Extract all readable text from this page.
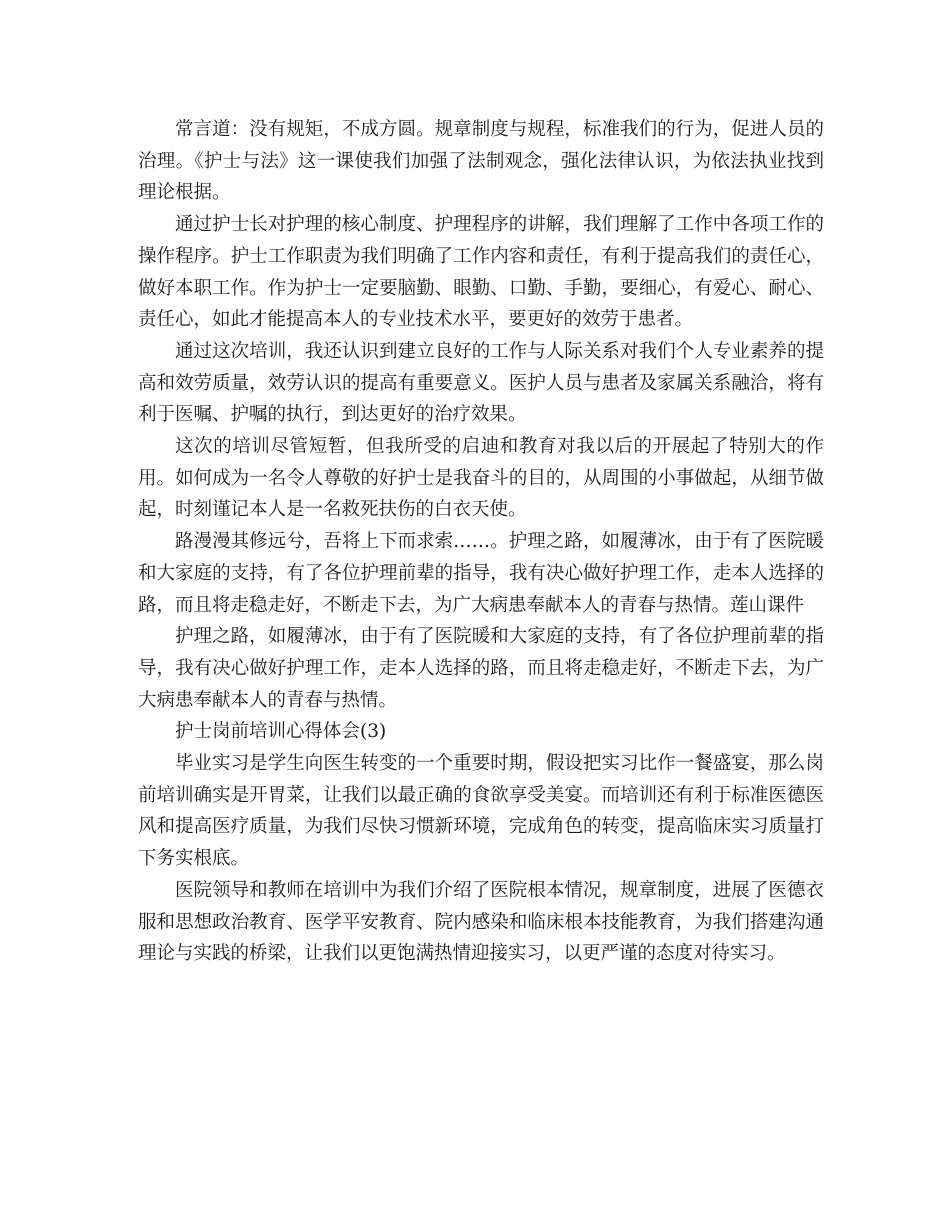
常言道：没有规矩，不成方圆。规章制度与规程，标准我们的行为，促进人员的治理。《护士与法》这一课使我们加强了法制观念，强化法律认识，为依法执业找到理论根据。

通过护士长对护理的核心制度、护理程序的讲解，我们理解了工作中各项工作的操作程序。护士工作职责为我们明确了工作内容和责任，有利于提高我们的责任心，做好本职工作。作为护士一定要脑勤、眼勤、口勤、手勤，要细心，有爱心、耐心、责任心，如此才能提高本人的专业技术水平，要更好的效劳于患者。

通过这次培训，我还认识到建立良好的工作与人际关系对我们个人专业素养的提高和效劳质量，效劳认识的提高有重要意义。医护人员与患者及家属关系融洽，将有利于医嘱、护嘱的执行，到达更好的治疗效果。

这次的培训尽管短暂，但我所受的启迪和教育对我以后的开展起了特别大的作用。如何成为一名令人尊敬的好护士是我奋斗的目的，从周围的小事做起，从细节做起，时刻谨记本人是一名救死扶伤的白衣天使。

路漫漫其修远兮，吾将上下而求索……。护理之路，如履薄冰，由于有了医院暖和大家庭的支持，有了各位护理前辈的指导，我有决心做好护理工作，走本人选择的路，而且将走稳走好，不断走下去，为广大病患奉献本人的青春与热情。莲山课件

护理之路，如履薄冰，由于有了医院暖和大家庭的支持，有了各位护理前辈的指导，我有决心做好护理工作，走本人选择的路，而且将走稳走好，不断走下去，为广大病患奉献本人的青春与热情。

护士岗前培训心得体会(3)

毕业实习是学生向医生转变的一个重要时期，假设把实习比作一餐盛宴，那么岗前培训确实是开胃菜，让我们以最正确的食欲享受美宴。而培训还有利于标准医德医风和提高医疗质量，为我们尽快习惯新环境，完成角色的转变，提高临床实习质量打下务实根底。

医院领导和教师在培训中为我们介绍了医院根本情况，规章制度，进展了医德衣服和思想政治教育、医学平安教育、院内感染和临床根本技能教育，为我们搭建沟通理论与实践的桥梁，让我们以更饱满热情迎接实习，以更严谨的态度对待实习。
